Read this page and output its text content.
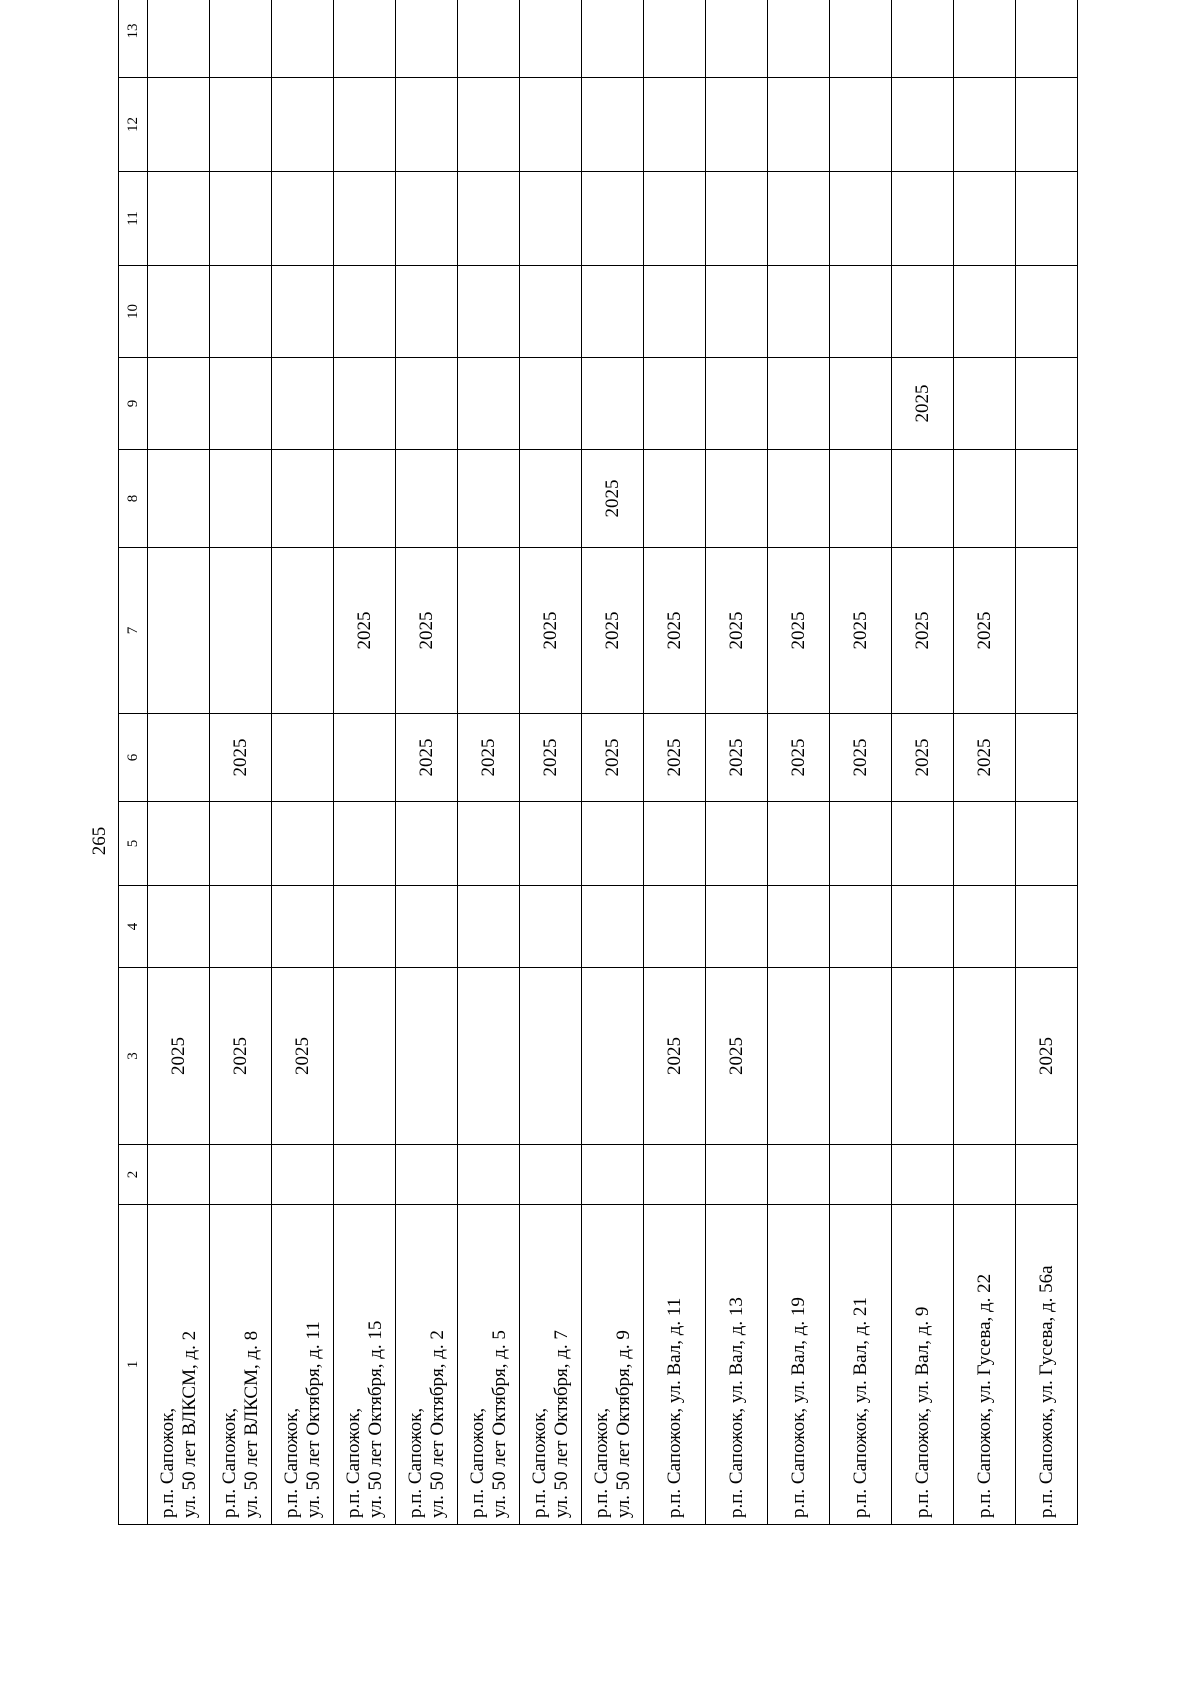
265
1	2	3	4	5	6	7	8	9	10	11	12	13

р.п. Сапожок, ул. 50 лет ВЛКСМ, д. 2		2025										

р.п. Сапожок, ул. 50 лет ВЛКСМ, д. 8		2025			2025							

р.п. Сапожок, ул. 50 лет Октября, д. 11		2025										

р.п. Сапожок, ул. 50 лет Октября, д. 15						2025						

р.п. Сапожок, ул. 50 лет Октября, д. 2					2025	2025						

р.п. Сапожок, ул. 50 лет Октября, д. 5					2025							

р.п. Сапожок, ул. 50 лет Октября, д. 7					2025	2025						

р.п. Сапожок, ул. 50 лет Октября, д. 9					2025	2025	2025					

р.п. Сапожок, ул. Вал, д. 11		2025			2025	2025						

р.п. Сапожок, ул. Вал, д. 13		2025			2025	2025						

р.п. Сапожок, ул. Вал, д. 19					2025	2025						

р.п. Сапожок, ул. Вал, д. 21					2025	2025						

р.п. Сапожок, ул. Вал, д. 9					2025	2025		2025				

р.п. Сапожок, ул. Гусева, д. 22					2025	2025						

р.п. Сапожок, ул. Гусева, д. 56а		2025										
